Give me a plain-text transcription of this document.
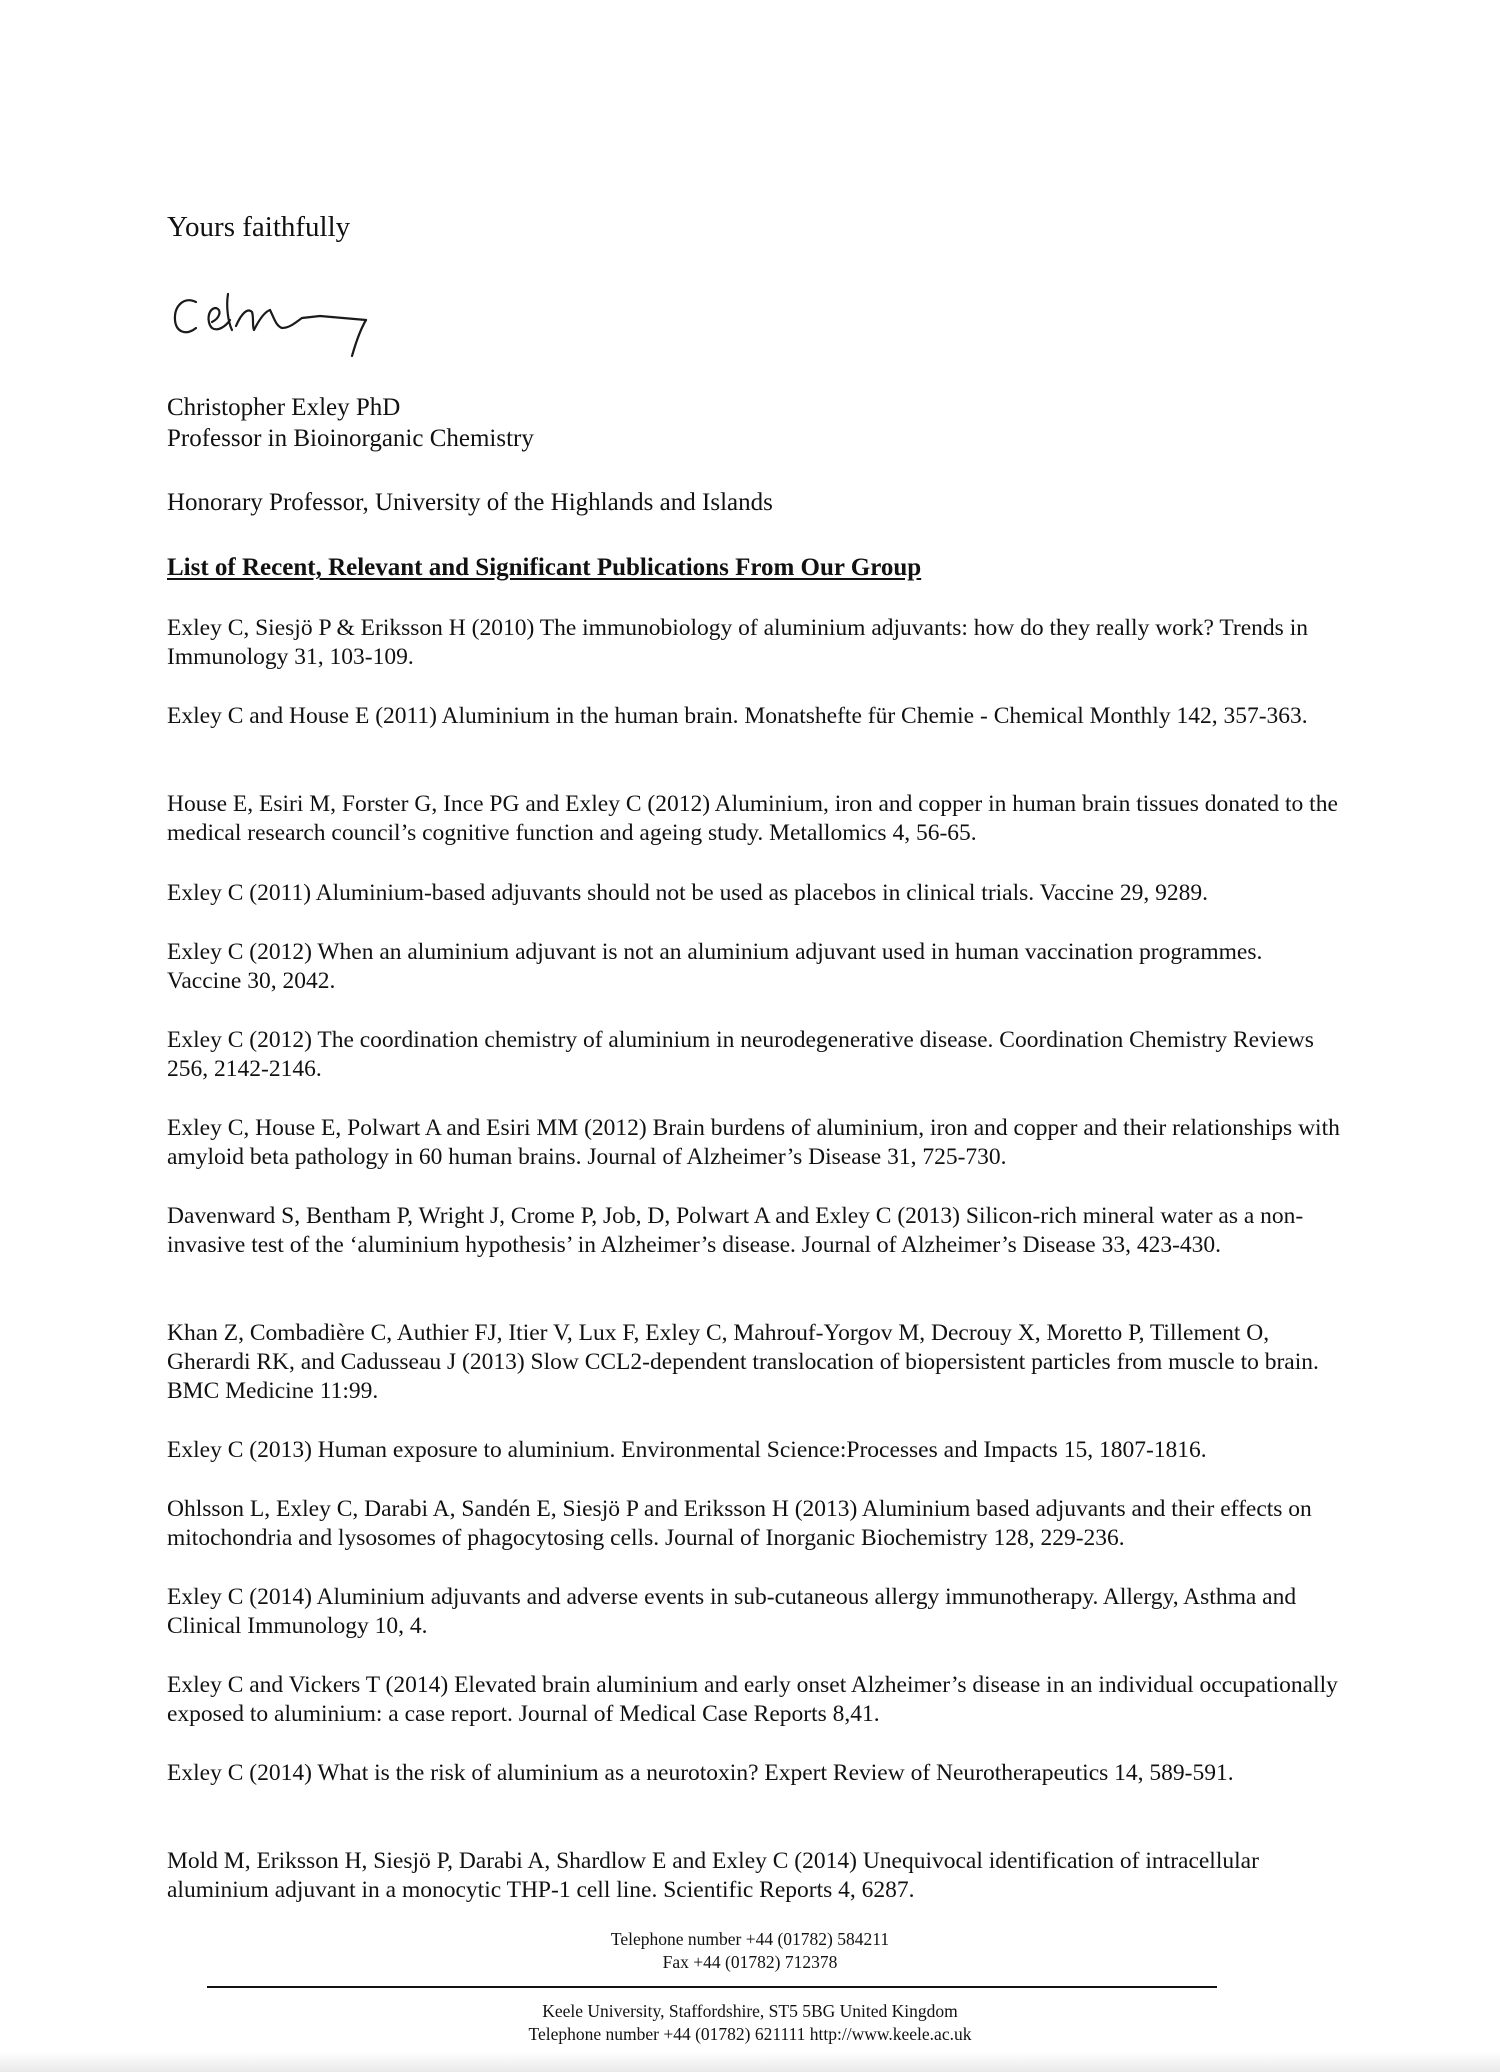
Yours faithfully

Christopher Exley PhD

Professor in Bioinorganic Chemistry

Honorary Professor, University of the Highlands and Islands

List of Recent, Relevant and Significant Publications From Our Group

Exley C, Siesjö P & Eriksson H (2010) The immunobiology of aluminium adjuvants: how do they really work? Trends in Immunology 31, 103-109.

Exley C and House E (2011) Aluminium in the human brain. Monatshefte für Chemie - Chemical Monthly 142, 357-363.

House E, Esiri M, Forster G, Ince PG and Exley C (2012) Aluminium, iron and copper in human brain tissues donated to the medical research council’s cognitive function and ageing study. Metallomics 4, 56-65.

Exley C (2011) Aluminium-based adjuvants should not be used as placebos in clinical trials. Vaccine 29, 9289.

Exley C (2012) When an aluminium adjuvant is not an aluminium adjuvant used in human vaccination programmes. Vaccine 30, 2042.

Exley C (2012) The coordination chemistry of aluminium in neurodegenerative disease. Coordination Chemistry Reviews 256, 2142-2146.

Exley C, House E, Polwart A and Esiri MM (2012) Brain burdens of aluminium, iron and copper and their relationships with amyloid beta pathology in 60 human brains. Journal of Alzheimer’s Disease 31, 725-730.

Davenward S, Bentham P, Wright J, Crome P, Job, D, Polwart A and Exley C (2013) Silicon-rich mineral water as a non-invasive test of the ‘aluminium hypothesis’ in Alzheimer’s disease. Journal of Alzheimer’s Disease 33, 423-430.

Khan Z, Combadière C, Authier FJ, Itier V, Lux F, Exley C, Mahrouf-Yorgov M, Decrouy X, Moretto P, Tillement O, Gherardi RK, and Cadusseau J (2013) Slow CCL2-dependent translocation of biopersistent particles from muscle to brain. BMC Medicine 11:99.

Exley C (2013) Human exposure to aluminium. Environmental Science:Processes and Impacts 15, 1807-1816.

Ohlsson L, Exley C, Darabi A, Sandén E, Siesjö P and Eriksson H (2013) Aluminium based adjuvants and their effects on mitochondria and lysosomes of phagocytosing cells. Journal of Inorganic Biochemistry 128, 229-236.

Exley C (2014) Aluminium adjuvants and adverse events in sub-cutaneous allergy immunotherapy. Allergy, Asthma and Clinical Immunology 10, 4.

Exley C and Vickers T (2014) Elevated brain aluminium and early onset Alzheimer’s disease in an individual occupationally exposed to aluminium: a case report. Journal of Medical Case Reports 8,41.

Exley C (2014) What is the risk of aluminium as a neurotoxin? Expert Review of Neurotherapeutics 14, 589-591.

Mold M, Eriksson H, Siesjö P, Darabi A, Shardlow E and Exley C (2014) Unequivocal identification of intracellular aluminium adjuvant in a monocytic THP-1 cell line. Scientific Reports 4, 6287.

Telephone number +44 (01782) 584211
Fax +44 (01782) 712378
Keele University, Staffordshire, ST5 5BG United Kingdom
Telephone number +44 (01782) 621111 http://www.keele.ac.uk
